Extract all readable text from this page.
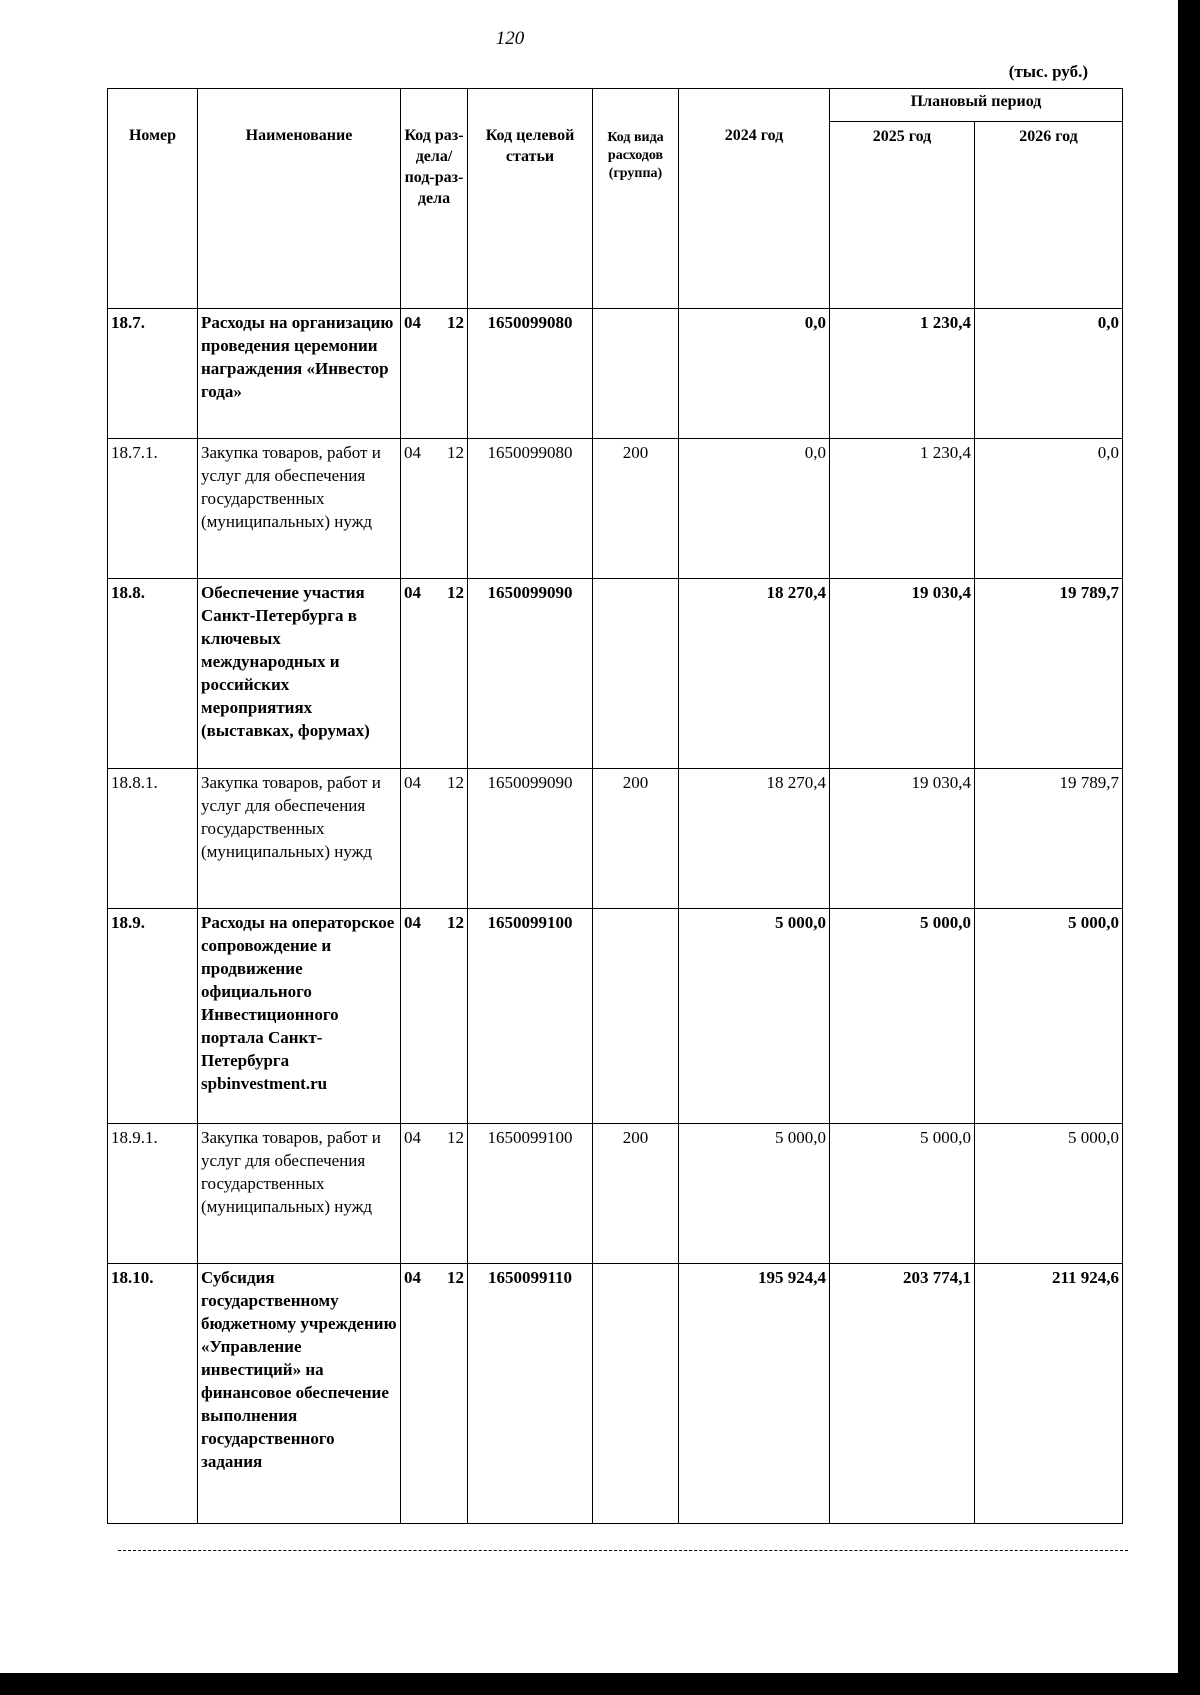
120
(тыс. руб.)
Номер	Наименование	Код раз-дела/ под-раз-дела	Код целевой статьи	Код вида расходов (группа)	2024 год	Плановый период	
						2025 год	2026 год
18.7.	Расходы на организацию проведения церемонии награждения «Инвестор года»	04 12	1650099080		0,0	1 230,4	0,0
18.7.1.	Закупка товаров, работ и услуг для обеспечения государственных (муниципальных) нужд	04 12	1650099080	200	0,0	1 230,4	0,0
18.8.	Обеспечение участия Санкт-Петербурга в ключевых международных и российских мероприятиях (выставках, форумах)	04 12	1650099090		18 270,4	19 030,4	19 789,7
18.8.1.	Закупка товаров, работ и услуг для обеспечения государственных (муниципальных) нужд	04 12	1650099090	200	18 270,4	19 030,4	19 789,7
18.9.	Расходы на операторское сопровождение и продвижение официального Инвестиционного портала Санкт-Петербурга spbinvestment.ru	04 12	1650099100		5 000,0	5 000,0	5 000,0
18.9.1.	Закупка товаров, работ и услуг для обеспечения государственных (муниципальных) нужд	04 12	1650099100	200	5 000,0	5 000,0	5 000,0
18.10.	Субсидия государственному бюджетному учреждению «Управление инвестиций» на финансовое обеспечение выполнения государственного задания	04 12	1650099110		195 924,4	203 774,1	211 924,6
